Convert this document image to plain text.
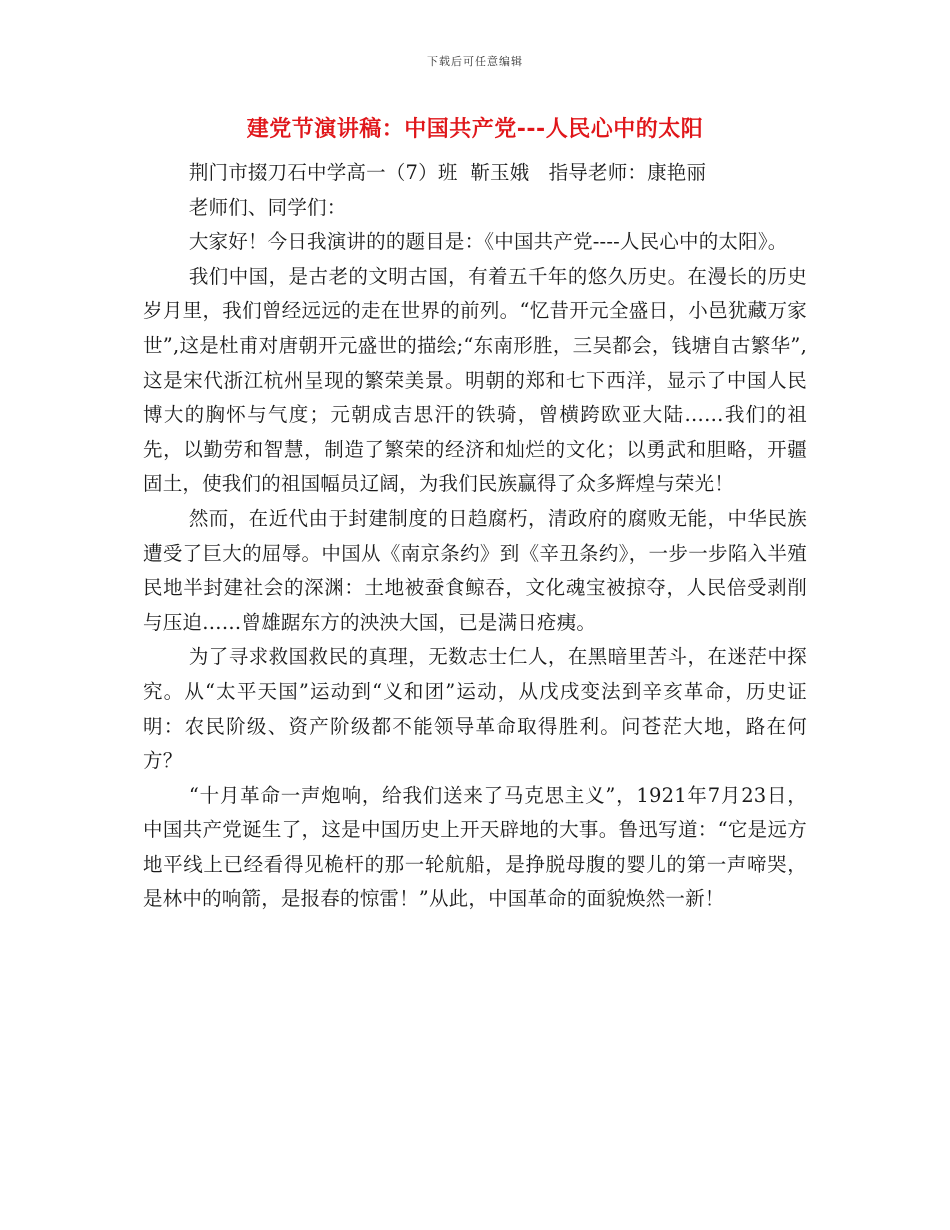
下载后可任意编辑
建党节演讲稿：中国共产党---人民心中的太阳

荆门市掇刀石中学高一（7）班  靳玉娥   指导老师：康艳丽

老师们、同学们：

大家好！今日我演讲的的题目是：《中国共产党----人民心中的太阳》。

我们中国，是古老的文明古国，有着五千年的悠久历史。在漫长的历史岁月里，我们曾经远远的走在世界的前列。“忆昔开元全盛日，小邑犹藏万家世”,这是杜甫对唐朝开元盛世的描绘;“东南形胜，三吴都会，钱塘自古繁华”,这是宋代浙江杭州呈现的繁荣美景。明朝的郑和七下西洋，显示了中国人民博大的胸怀与气度；元朝成吉思汗的铁骑，曾横跨欧亚大陆……我们的祖先，以勤劳和智慧，制造了繁荣的经济和灿烂的文化；以勇武和胆略，开疆固土，使我们的祖国幅员辽阔，为我们民族赢得了众多辉煌与荣光！

然而，在近代由于封建制度的日趋腐朽，清政府的腐败无能，中华民族遭受了巨大的屈辱。中国从《南京条约》到《辛丑条约》，一步一步陷入半殖民地半封建社会的深渊：土地被蚕食鲸吞，文化魂宝被掠夺，人民倍受剥削与压迫……曾雄踞东方的泱泱大国，已是满日疮痍。

为了寻求救国救民的真理，无数志士仁人，在黑暗里苦斗，在迷茫中探究。从“太平天国”运动到“义和团”运动，从戊戌变法到辛亥革命，历史证明：农民阶级、资产阶级都不能领导革命取得胜利。问苍茫大地，路在何方？

“十月革命一声炮响，给我们送来了马克思主义”，1921年7月23日，中国共产党诞生了，这是中国历史上开天辟地的大事。鲁迅写道：“它是远方地平线上已经看得见桅杆的那一轮航船，是挣脱母腹的婴儿的第一声啼哭，是林中的响箭，是报春的惊雷！”从此，中国革命的面貌焕然一新！
